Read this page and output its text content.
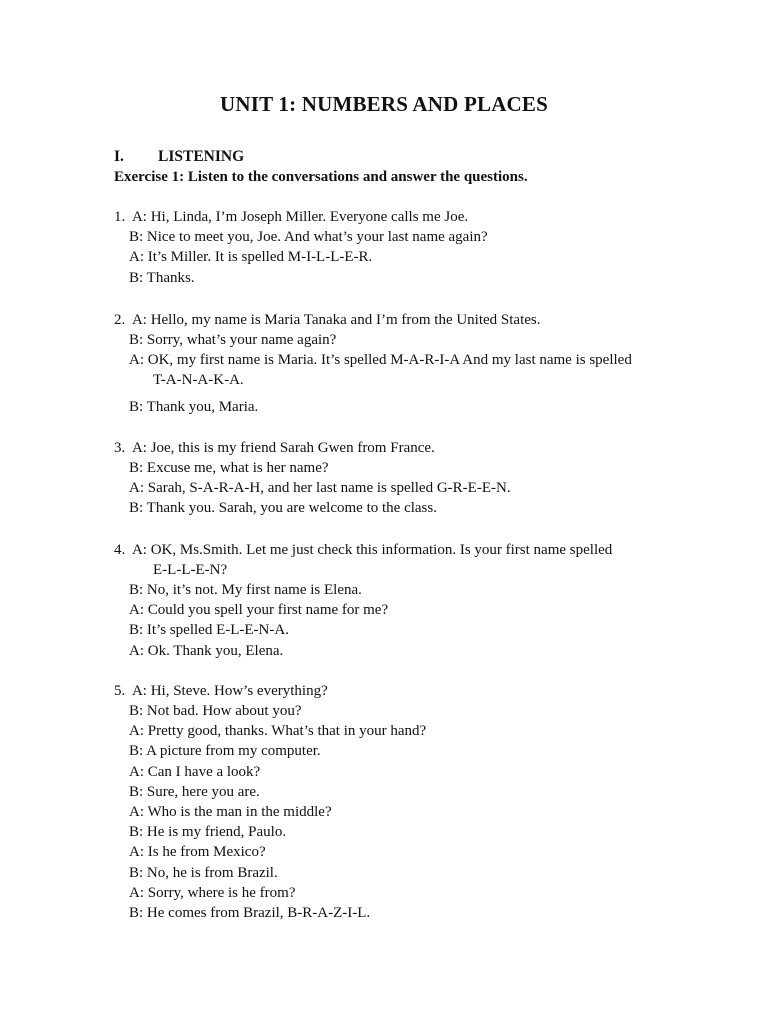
UNIT 1: NUMBERS AND PLACES
I. LISTENING
Exercise 1: Listen to the conversations and answer the questions.
1. A: Hi, Linda, I’m Joseph Miller. Everyone calls me Joe.
B: Nice to meet you, Joe. And what’s your last name again?
A: It’s Miller. It is spelled M-I-L-L-E-R.
B: Thanks.
2. A: Hello, my name is Maria Tanaka and I’m from the United States.
B: Sorry, what’s your name again?
A: OK, my first name is Maria. It’s spelled M-A-R-I-A And my last name is spelled
T-A-N-A-K-A.
B: Thank you, Maria.
3. A: Joe, this is my friend Sarah Gwen from France.
B: Excuse me, what is her name?
A: Sarah, S-A-R-A-H, and her last name is spelled G-R-E-E-N.
B: Thank you. Sarah, you are welcome to the class.
4. A: OK, Ms.Smith. Let me just check this information. Is your first name spelled
E-L-L-E-N?
B: No, it’s not. My first name is Elena.
A: Could you spell your first name for me?
B: It’s spelled E-L-E-N-A.
A: Ok. Thank you, Elena.
5. A: Hi, Steve. How’s everything?
B: Not bad. How about you?
A: Pretty good, thanks. What’s that in your hand?
B: A picture from my computer.
A: Can I have a look?
B: Sure, here you are.
A: Who is the man in the middle?
B: He is my friend, Paulo.
A: Is he from Mexico?
B: No, he is from Brazil.
A: Sorry, where is he from?
B: He comes from Brazil, B-R-A-Z-I-L.
